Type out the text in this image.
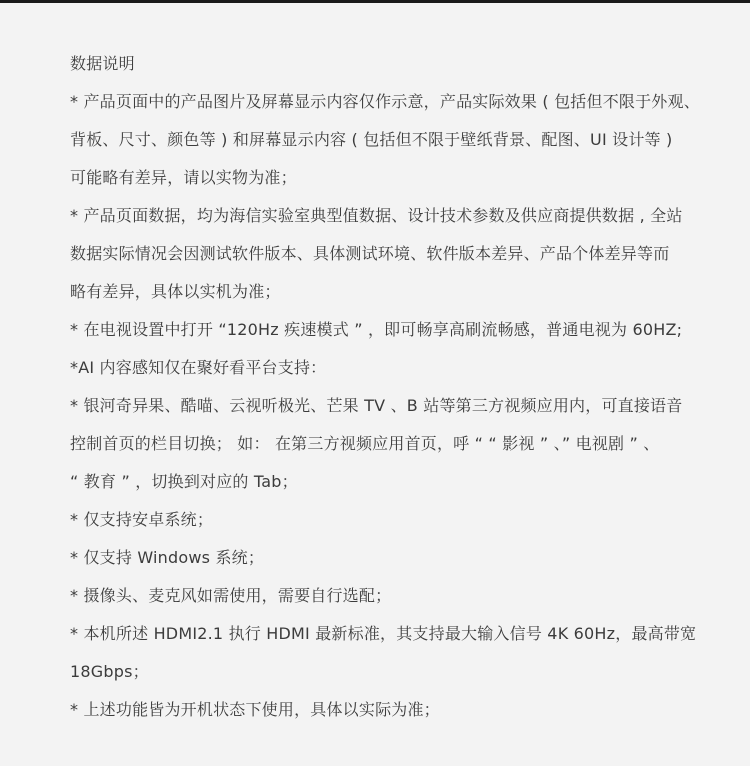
数据说明
* 产品页面中的产品图片及屏幕显示内容仅作示意，产品实际效果 ( 包括但不限于外观、
背板、尺寸、颜色等 ) 和屏幕显示内容 ( 包括但不限于壁纸背景、配图、UI 设计等 )
可能略有差异，请以实物为准；
* 产品页面数据，均为海信实验室典型值数据、设计技术参数及供应商提供数据 , 全站
数据实际情况会因测试软件版本、具体测试环境、软件版本差异、产品个体差异等而
略有差异，具体以实机为准；
* 在电视设置中打开 “120Hz 疾速模式 ” ，即可畅享高刷流畅感，普通电视为 60HZ;
*AI 内容感知仅在聚好看平台支持：
* 银河奇异果、酷喵、云视听极光、芒果 TV 、B 站等第三方视频应用内，可直接语音
控制首页的栏目切换； 如： 在第三方视频应用首页，呼 “ “ 影视 ” 、” 电视剧 ” 、
“ 教育 ” ，切换到对应的 Tab；
* 仅支持安卓系统；
* 仅支持 Windows 系统；
* 摄像头、麦克风如需使用，需要自行选配；
* 本机所述 HDMI2.1 执行 HDMI 最新标准，其支持最大输入信号 4K 60Hz，最高带宽
18Gbps；
* 上述功能皆为开机状态下使用，具体以实际为准；
